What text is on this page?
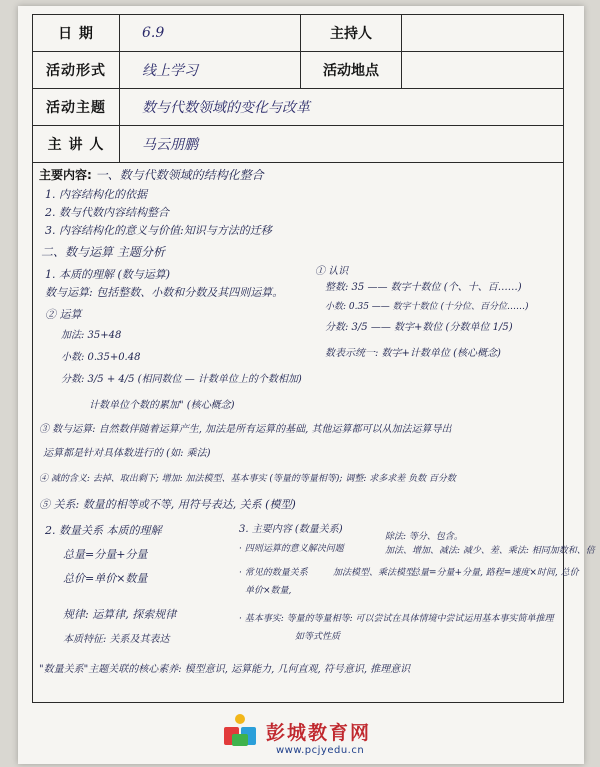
日 期	6.9	主持人
活动形式	线上学习	活动地点
活动主题	数与代数领域的变化与改革
主 讲 人	马云朋鹏
主要内容: 一、数与代数领域的结构化整合
1. 内容结构化的依据
2. 数与代数内容结构整合
3. 内容结构化的意义与价值:知识与方法的迁移
二、数与运算 主题分析
1. 本质的理解 (数与运算)
数与运算: 包括整数、小数和分数及其四则运算。
① 认识
整数: 35 —— 数字十数位 (个、十、百……)
小数: 0.35 —— 数字十数位 (十分位、百分位……)
分数: 3/5 —— 数字+数位 (分数单位 1/5)
数表示统一: 数字+计数单位 (核心概念)
② 运算
加法: 35+48
小数: 0.35+0.48
分数: 3/5 + 4/5 (相同数位 — 计数单位上的个数相加)
计数单位个数的累加" (核心概念)
③ 数与运算: 自然数伴随着运算产生, 加法是所有运算的基础, 其他运算都可以从加法运算导出
运算都是针对具体数进行的 (如: 乘法)
④ 减的含义: 去掉、取出剩下; 增加: 加法模型、基本事实 (等量的等量相等); 调整: 求多求差 负数 百分数
⑤ 关系: 数量的相等或不等, 用符号表达, 关系 (模型)
2. 数量关系 本质的理解
总量=分量+分量
总价=单价×数量
3. 主要内容 (数量关系)
· 四则运算的意义解决问题
除法: 等分、包含。
加法、增加、减法: 减少、差、乘法: 相同加数和、倍
· 常见的数量关系	加法模型、乘法模型
总量=分量+分量, 路程=速度×时间, 总价
单价×数量,
规律: 运算律, 探索规律
本质特征: 关系及其表达
· 基本事实: 等量的等量相等: 可以尝试在具体情境中尝试运用基本事实简单推理
如等式性质
"数量关系"主题关联的核心素养: 模型意识, 运算能力, 几何直观, 符号意识, 推理意识
彭城教育网
www.pcjyedu.cn
